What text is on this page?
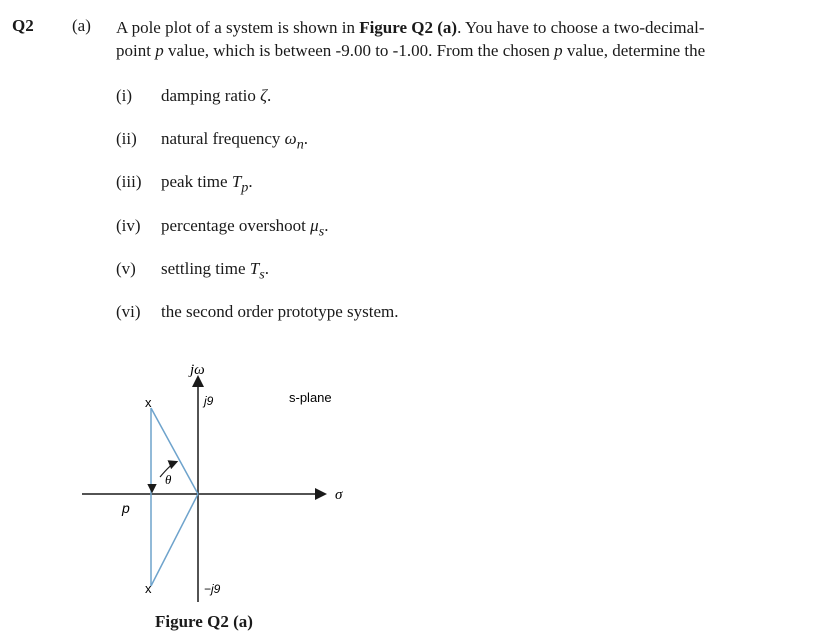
Q2 (a) A pole plot of a system is shown in Figure Q2 (a). You have to choose a two-decimal-
point p value, which is between -9.00 to -1.00. From the chosen p value, determine the
(i) damping ratio ζ.
(ii) natural frequency $\omega_n$.
(iii) peak time $T_p$.
(iv) percentage overshoot $\mu_s$.
(v) settling time $T_s$.
(vi) the second order prototype system.
x
x
jω
j9
−j9
s-plane
σ
θ
p
Figure Q2 (a)
